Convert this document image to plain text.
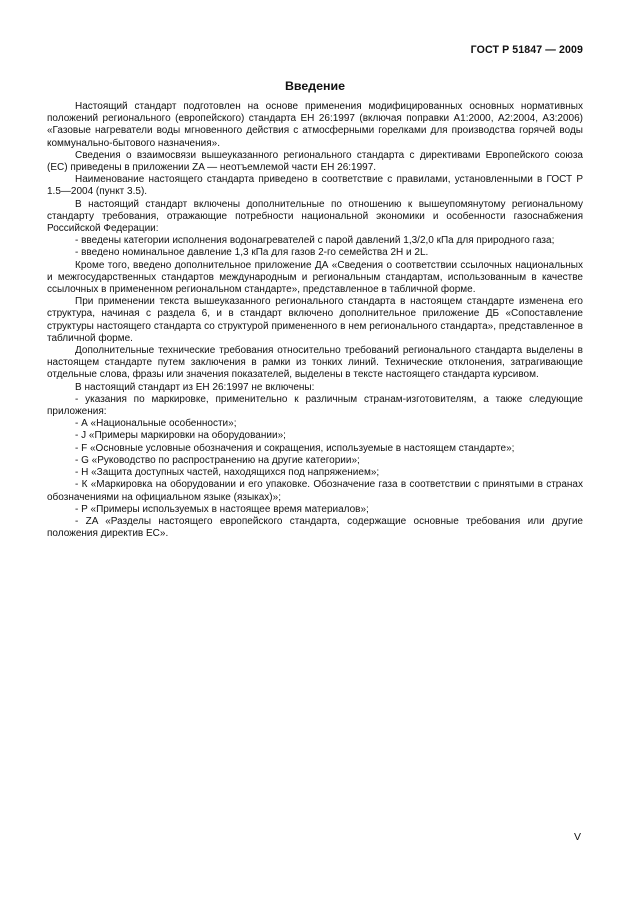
ГОСТ Р 51847 — 2009
Введение

Настоящий стандарт подготовлен на основе применения модифицированных основных нормативных положений регионального (европейского) стандарта ЕН 26:1997 (включая поправки А1:2000, А2:2004, А3:2006) «Газовые нагреватели воды мгновенного действия с атмосферными горелками для производства горячей воды коммунально-бытового назначения».

Сведения о взаимосвязи вышеуказанного регионального стандарта с директивами Европейского союза (ЕС) приведены в приложении ZA — неотъемлемой части ЕН 26:1997.

Наименование настоящего стандарта приведено в соответствие с правилами, установленными в ГОСТ Р 1.5—2004 (пункт 3.5).

В настоящий стандарт включены дополнительные по отношению к вышеупомянутому региональному стандарту требования, отражающие потребности национальной экономики и особенности газоснабжения Российской Федерации:

- введены категории исполнения водонагревателей с парой давлений 1,3/2,0 кПа для природного газа;

- введено номинальное давление 1,3 кПа для газов 2-го семейства 2Н и 2L.

Кроме того, введено дополнительное приложение ДА «Сведения о соответствии ссылочных национальных и межгосударственных стандартов международным и региональным стандартам, использованным в качестве ссылочных в примененном региональном стандарте», представленное в табличной форме.

При применении текста вышеуказанного регионального стандарта в настоящем стандарте изменена его структура, начиная с раздела 6, и в стандарт включено дополнительное приложение ДБ «Сопоставление структуры настоящего стандарта со структурой примененного в нем регионального стандарта», представленное в табличной форме.

Дополнительные технические требования относительно требований регионального стандарта выделены в настоящем стандарте путем заключения в рамки из тонких линий. Технические отклонения, затрагивающие отдельные слова, фразы или значения показателей, выделены в тексте настоящего стандарта курсивом.

В настоящий стандарт из ЕН 26:1997 не включены:

- указания по маркировке, применительно к различным странам-изготовителям, а также следующие приложения:

- А «Национальные особенности»;

- J «Примеры маркировки на оборудовании»;

- F «Основные условные обозначения и сокращения, используемые в настоящем стандарте»;

- G «Руководство по распространению на другие категории»;

- Н «Защита доступных частей, находящихся под напряжением»;

- К «Маркировка на оборудовании и его упаковке. Обозначение газа в соответствии с принятыми в странах обозначениями на официальном языке (языках)»;

- Р «Примеры используемых в настоящее время материалов»;

- ZA «Разделы настоящего европейского стандарта, содержащие основные требования или другие положения директив ЕС».

V
